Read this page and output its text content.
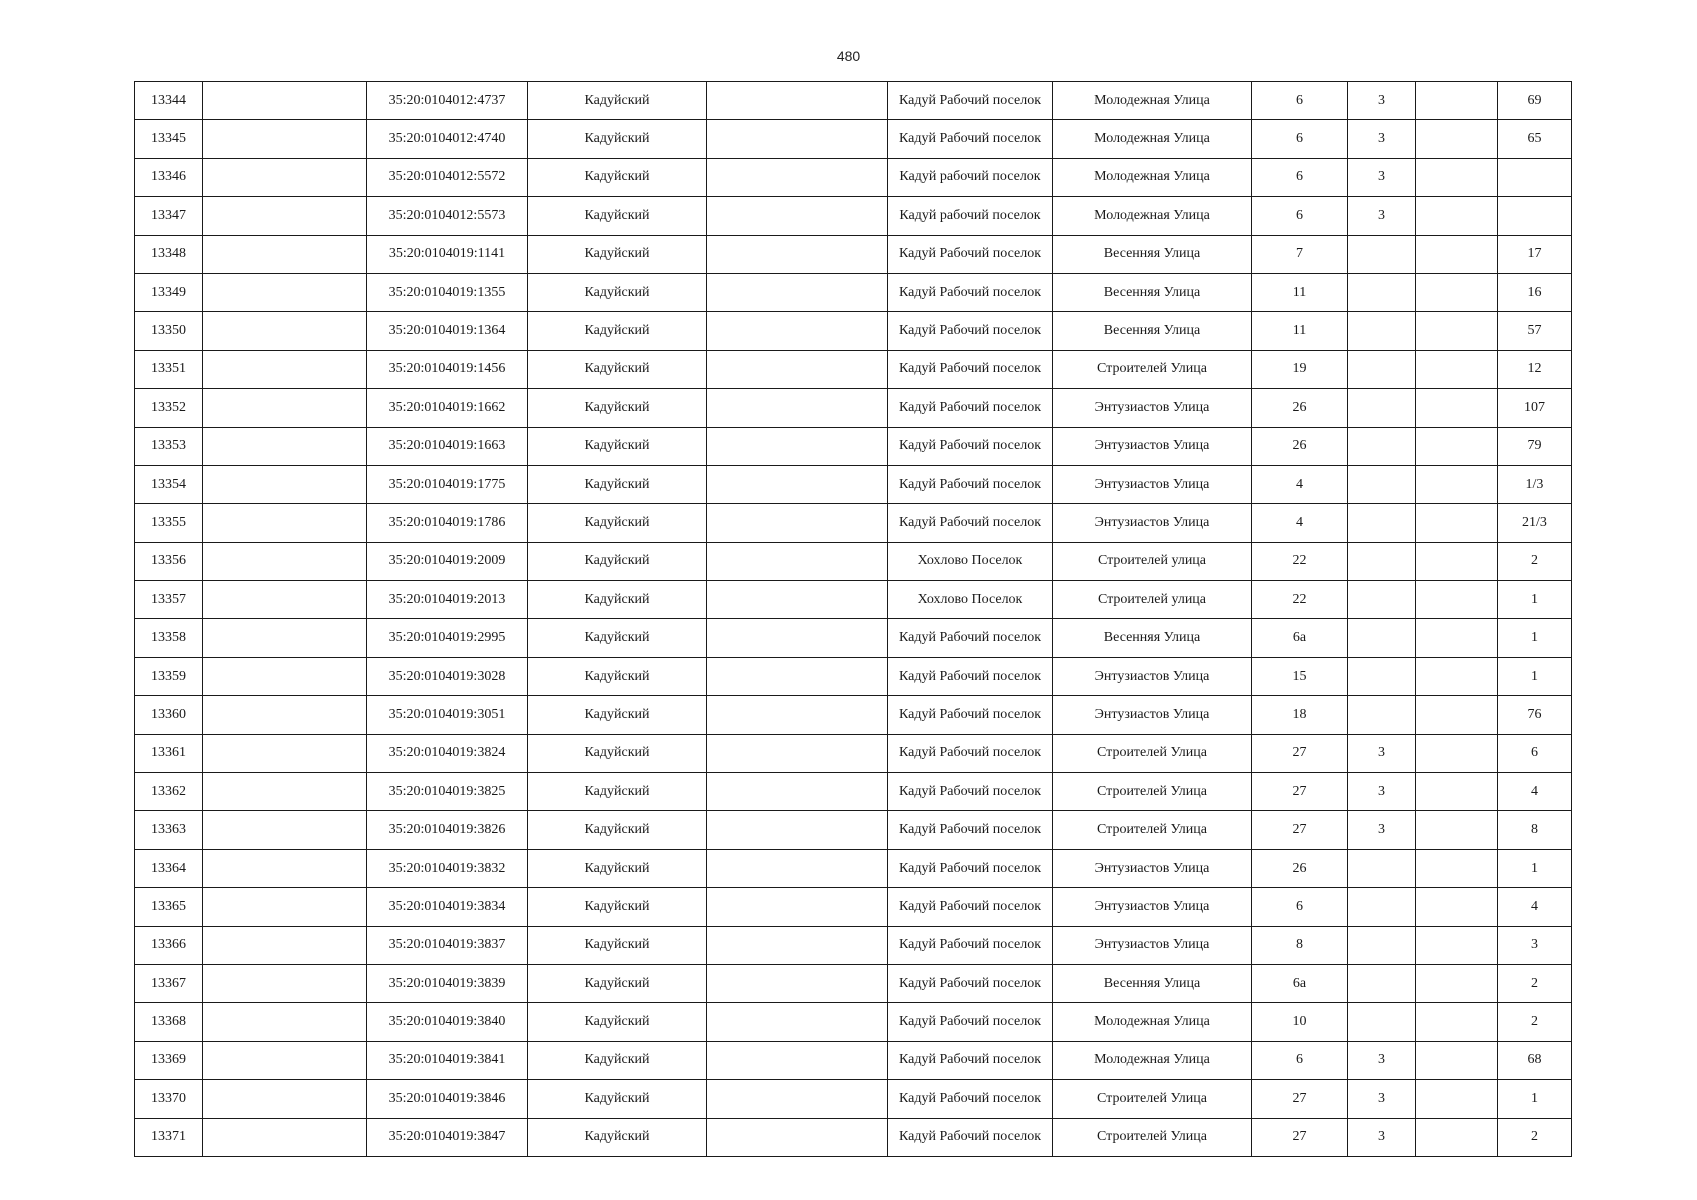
480
13344		35:20:0104012:4737	Кадуйский		Кадуй Рабочий поселок	Молодежная Улица	6	3		69
13345		35:20:0104012:4740	Кадуйский		Кадуй Рабочий поселок	Молодежная Улица	6	3		65
13346		35:20:0104012:5572	Кадуйский		Кадуй рабочий поселок	Молодежная Улица	6	3		
13347		35:20:0104012:5573	Кадуйский		Кадуй рабочий поселок	Молодежная Улица	6	3		
13348		35:20:0104019:1141	Кадуйский		Кадуй Рабочий поселок	Весенняя Улица	7			17
13349		35:20:0104019:1355	Кадуйский		Кадуй Рабочий поселок	Весенняя Улица	11			16
13350		35:20:0104019:1364	Кадуйский		Кадуй Рабочий поселок	Весенняя Улица	11			57
13351		35:20:0104019:1456	Кадуйский		Кадуй Рабочий поселок	Строителей Улица	19			12
13352		35:20:0104019:1662	Кадуйский		Кадуй Рабочий поселок	Энтузиастов Улица	26			107
13353		35:20:0104019:1663	Кадуйский		Кадуй Рабочий поселок	Энтузиастов Улица	26			79
13354		35:20:0104019:1775	Кадуйский		Кадуй Рабочий поселок	Энтузиастов Улица	4			1/3
13355		35:20:0104019:1786	Кадуйский		Кадуй Рабочий поселок	Энтузиастов Улица	4			21/3
13356		35:20:0104019:2009	Кадуйский		Хохлово Поселок	Строителей улица	22			2
13357		35:20:0104019:2013	Кадуйский		Хохлово Поселок	Строителей улица	22			1
13358		35:20:0104019:2995	Кадуйский		Кадуй Рабочий поселок	Весенняя Улица	6а			1
13359		35:20:0104019:3028	Кадуйский		Кадуй Рабочий поселок	Энтузиастов Улица	15			1
13360		35:20:0104019:3051	Кадуйский		Кадуй Рабочий поселок	Энтузиастов Улица	18			76
13361		35:20:0104019:3824	Кадуйский		Кадуй Рабочий поселок	Строителей Улица	27	3		6
13362		35:20:0104019:3825	Кадуйский		Кадуй Рабочий поселок	Строителей Улица	27	3		4
13363		35:20:0104019:3826	Кадуйский		Кадуй Рабочий поселок	Строителей Улица	27	3		8
13364		35:20:0104019:3832	Кадуйский		Кадуй Рабочий поселок	Энтузиастов Улица	26			1
13365		35:20:0104019:3834	Кадуйский		Кадуй Рабочий поселок	Энтузиастов Улица	6			4
13366		35:20:0104019:3837	Кадуйский		Кадуй Рабочий поселок	Энтузиастов Улица	8			3
13367		35:20:0104019:3839	Кадуйский		Кадуй Рабочий поселок	Весенняя Улица	6а			2
13368		35:20:0104019:3840	Кадуйский		Кадуй Рабочий поселок	Молодежная Улица	10			2
13369		35:20:0104019:3841	Кадуйский		Кадуй Рабочий поселок	Молодежная Улица	6	3		68
13370		35:20:0104019:3846	Кадуйский		Кадуй Рабочий поселок	Строителей Улица	27	3		1
13371		35:20:0104019:3847	Кадуйский		Кадуй Рабочий поселок	Строителей Улица	27	3		2
